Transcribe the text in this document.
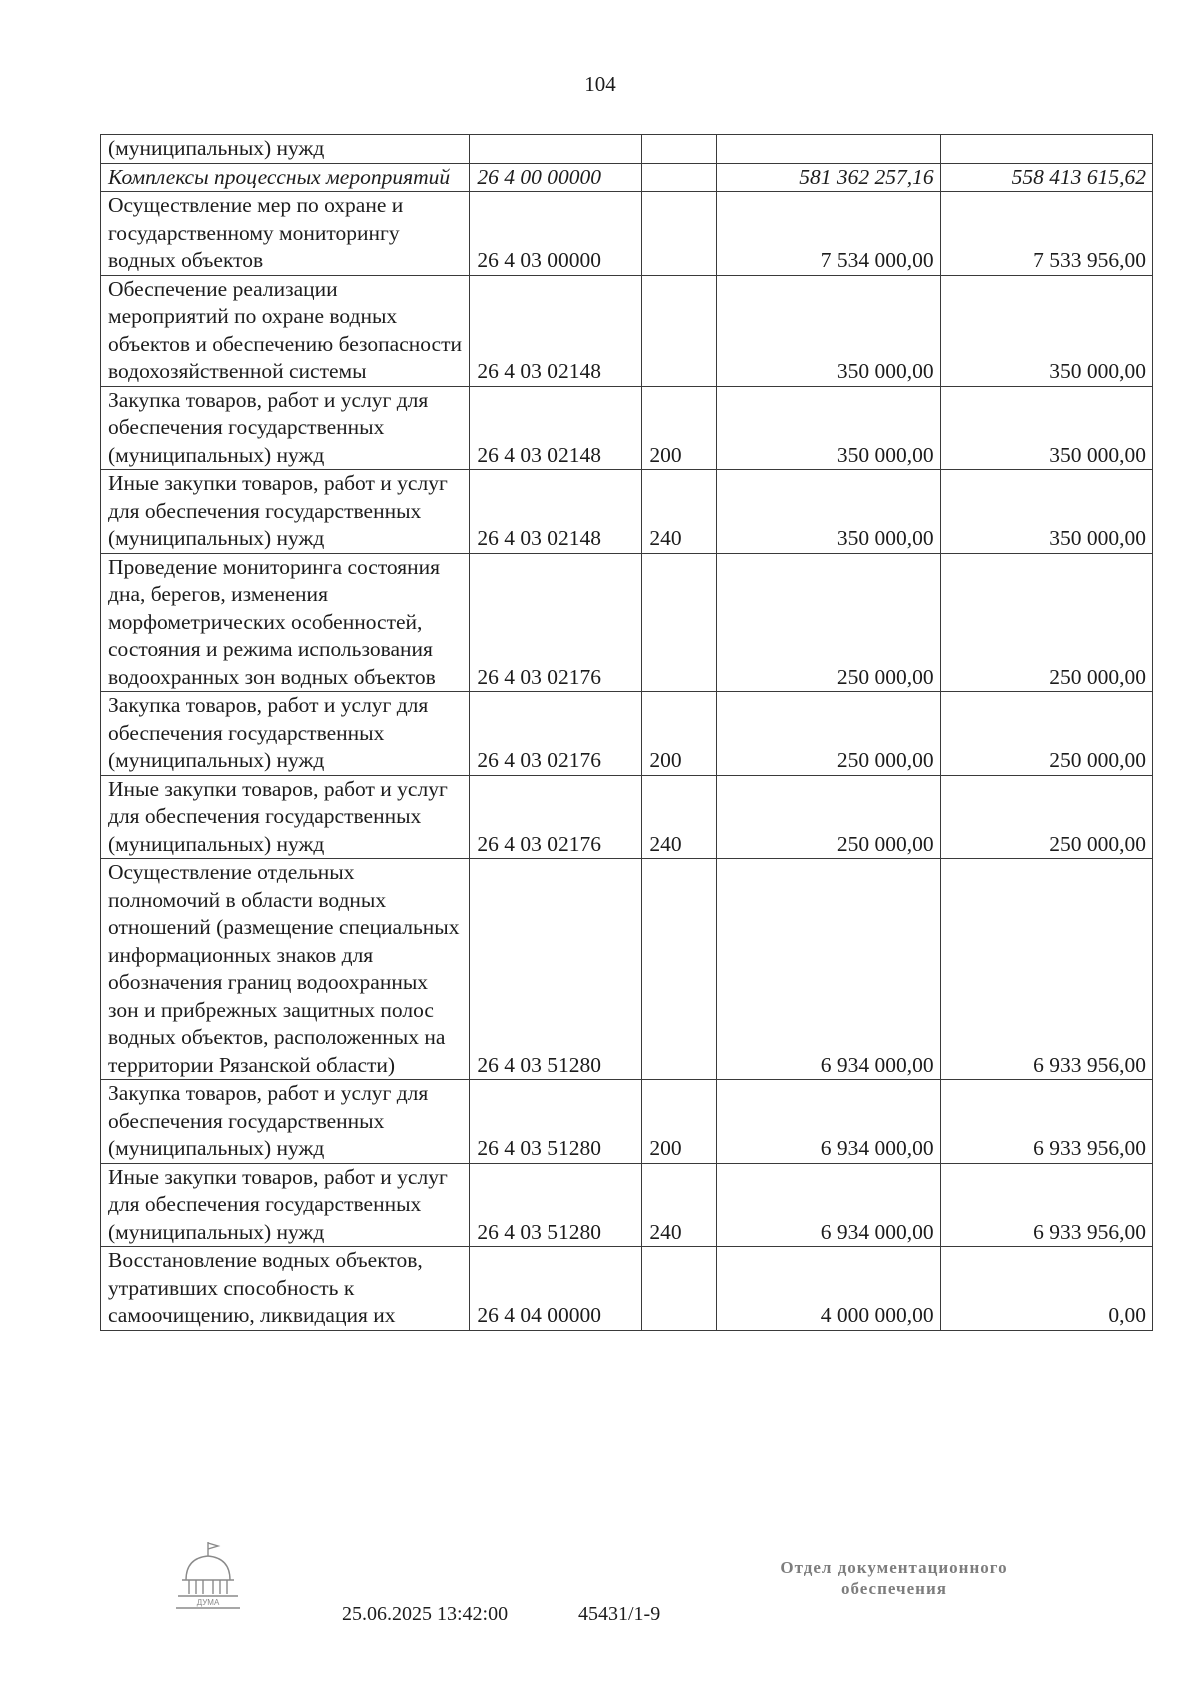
104
(муниципальных) нужд				
Комплексы процессных мероприятий	26 4 00 00000		581 362 257,16	558 413 615,62
Осуществление мер по охране и государственному мониторингу водных объектов	26 4 03 00000		7 534 000,00	7 533 956,00
Обеспечение реализации мероприятий по охране водных объектов и обеспечению безопасности водохозяйственной системы	26 4 03 02148		350 000,00	350 000,00
Закупка товаров, работ и услуг для обеспечения государственных (муниципальных) нужд	26 4 03 02148	200	350 000,00	350 000,00
Иные закупки товаров, работ и услуг для обеспечения государственных (муниципальных) нужд	26 4 03 02148	240	350 000,00	350 000,00
Проведение мониторинга состояния дна, берегов, изменения морфометрических особенностей, состояния и режима использования водоохранных зон водных объектов	26 4 03 02176		250 000,00	250 000,00
Закупка товаров, работ и услуг для обеспечения государственных (муниципальных) нужд	26 4 03 02176	200	250 000,00	250 000,00
Иные закупки товаров, работ и услуг для обеспечения государственных (муниципальных) нужд	26 4 03 02176	240	250 000,00	250 000,00
Осуществление отдельных полномочий в области водных отношений (размещение специальных информационных знаков для обозначения границ водоохранных зон и прибрежных защитных полос водных объектов, расположенных на территории Рязанской области)	26 4 03 51280		6 934 000,00	6 933 956,00
Закупка товаров, работ и услуг для обеспечения государственных (муниципальных) нужд	26 4 03 51280	200	6 934 000,00	6 933 956,00
Иные закупки товаров, работ и услуг для обеспечения государственных (муниципальных) нужд	26 4 03 51280	240	6 934 000,00	6 933 956,00
Восстановление водных объектов, утративших способность к самоочищению, ликвидация их	26 4 04 00000		4 000 000,00	0,00
ДУМА
25.06.2025 13:42:00	45431/1-9
Отдел документационного
обеспечения
